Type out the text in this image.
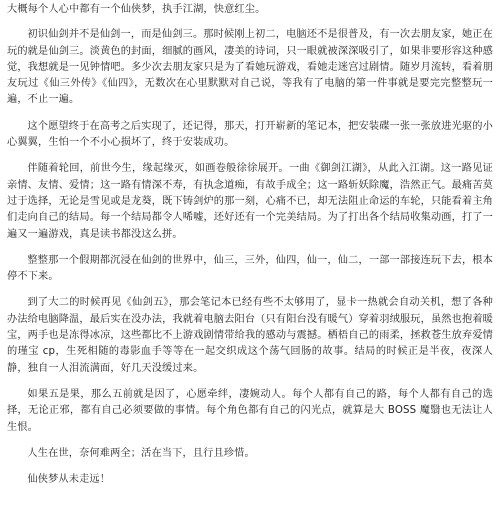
大概每个人心中都有一个仙侠梦，执手江湖，快意红尘。

初识仙剑并不是仙剑一，而是仙剑三。那时候刚上初二，电脑还不是很普及，有一次去朋友家，她正在玩的就是仙剑三。淡黄色的封面，细腻的画风，凄美的诗词，只一眼就被深深吸引了，如果非要形容这种感觉，我想就是一见钟情吧。多少次去朋友家只是为了看她玩游戏，看她走迷宫过剧情。随岁月流转，看着朋友玩过《仙三外传》《仙四》，无数次在心里默默对自己说，等我有了电脑的第一件事就是要完完整整玩一遍，不止一遍。

这个愿望终于在高考之后实现了，还记得，那天，打开崭新的笔记本，把安装碟一张一张放进光驱的小心翼翼，生怕一个不小心损坏了，终于安装成功。

伴随着轮回，前世今生，缘起缘灭，如画卷般徐徐展开。一曲《御剑江湖》，从此入江湖。这一路见证亲情、友情、爱情；这一路有情深不寿，有执念道痴，有故手成全；这一路斩妖除魔，浩然正气。最痛苦莫过于选择，无论是雪见或是龙葵，既下铸剑炉的那一刻，心痛不已，却无法阻止命运的车轮，只能看着主角们走向自己的结局。每一个结局都令人唏嘘，还好还有一个完美结局。为了打出各个结局收集动画，打了一遍又一遍游戏，真是读书都没这么拼。

整整那一个假期都沉浸在仙剑的世界中，仙三，三外，仙四，仙一，仙二，一部一部接连玩下去，根本停不下来。

到了大二的时候再见《仙剑五》，那会笔记本已经有些不太够用了，显卡一热就会自动关机，想了各种办法给电脑降温，最后实在没办法，我就着电脑去阳台（只有阳台没有暖气）穿着羽绒服玩，虽然也抱着暖宝，两手也是冻得冰凉，这些都比不上游戏剧情带给我的感动与震撼。栖梧自己的雨柔，拯救苍生放弃爱情的瑾宝 cp，生死相随的毒影血手等等在一起交织成这个荡气回肠的故事。结局的时候正是半夜，夜深人静，独自一人泪流满面，好几天没缓过来。

如果五是果，那么五前就是因了，心愿牵绊，凄婉动人。每个人都有自己的路，每个人都有自己的选择，无论正邪，都有自己必须要做的事情。每个角色都有自己的闪光点，就算是大 BOSS 魔翳也无法让人生恨。

人生在世，奈何难两全；活在当下，且行且珍惜。

仙侠梦从未走远！
